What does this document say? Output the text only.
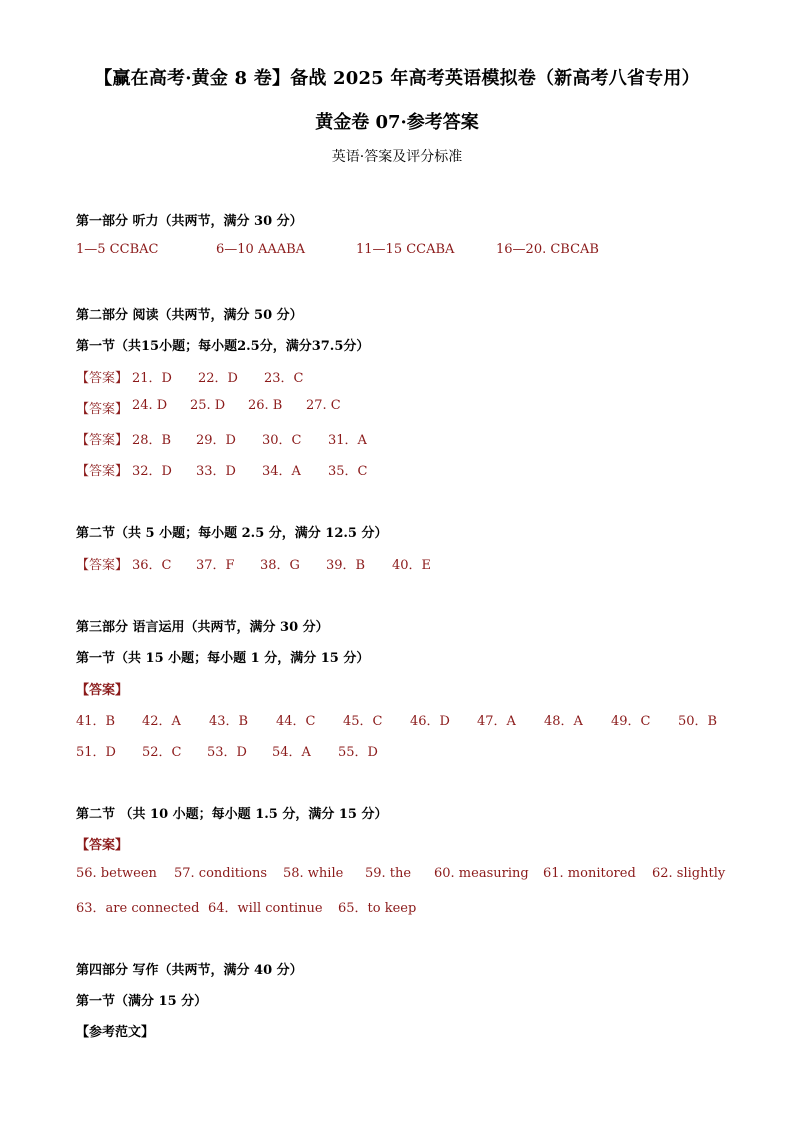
【赢在高考·黄金 8 卷】备战 2025 年高考英语模拟卷（新高考八省专用）
黄金卷 07·参考答案
英语·答案及评分标准
第一部分 听力（共两节，满分 30 分）
1—5 CCBAC	6—10 AAABA	11—15 CCABA	16—20. CBCAB
第二部分 阅读（共两节，满分 50 分）
第一节（共15小题；每小题2.5分，满分37.5分）
【答案】 21．D 22．D 23．C
【答案】 24. D 25. D 26. B 27. C
【答案】 28．B 29．D 30．C 31．A
【答案】 32．D 33．D 34．A 35．C
第二节（共 5 小题；每小题 2.5 分，满分 12.5 分）
【答案】 36．C 37．F 38．G 39．B 40．E
第三部分 语言运用（共两节，满分 30 分）
第一节（共 15 小题；每小题 1 分，满分 15 分）
【答案】
41．B 42．A 43．B 44．C 45．C 46．D 47．A 48．A 49．C 50．B
51．D 52．C 53．D 54．A 55．D
第二节 （共 10 小题；每小题 1.5 分，满分 15 分）
【答案】
56. between 57. conditions 58. while 59. the 60. measuring 61. monitored 62. slightly
63．are connected 64．will continue 65．to keep
第四部分 写作（共两节，满分 40 分）
第一节（满分 15 分）
【参考范文】
